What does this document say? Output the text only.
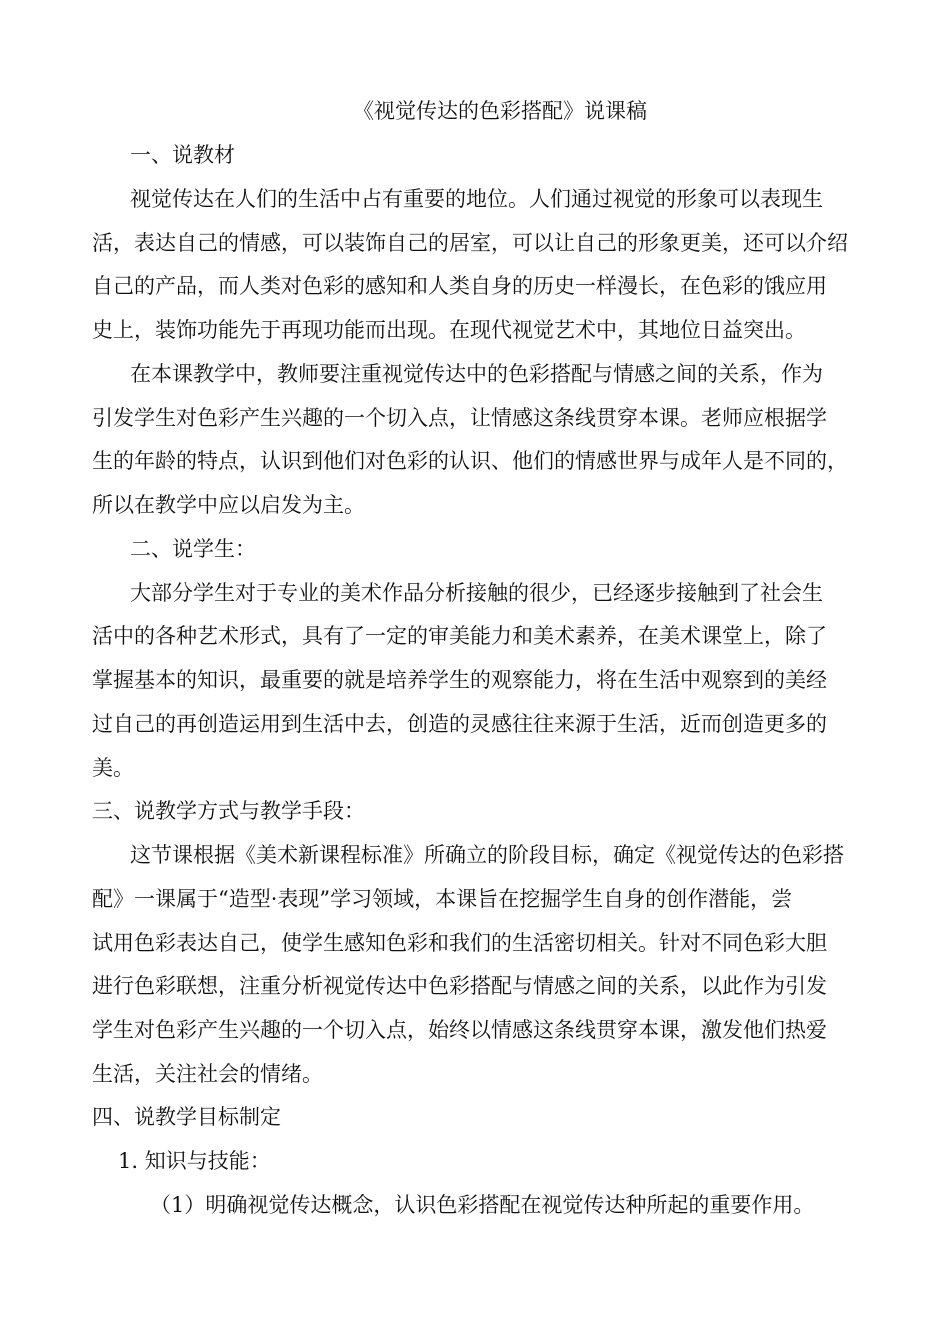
《视觉传达的色彩搭配》说课稿
一、说教材
视觉传达在人们的生活中占有重要的地位。人们通过视觉的形象可以表现生
活，表达自己的情感，可以装饰自己的居室，可以让自己的形象更美，还可以介绍
自己的产品，而人类对色彩的感知和人类自身的历史一样漫长，在色彩的饿应用
史上，装饰功能先于再现功能而出现。在现代视觉艺术中，其地位日益突出。
在本课教学中，教师要注重视觉传达中的色彩搭配与情感之间的关系，作为
引发学生对色彩产生兴趣的一个切入点，让情感这条线贯穿本课。老师应根据学
生的年龄的特点，认识到他们对色彩的认识、他们的情感世界与成年人是不同的，
所以在教学中应以启发为主。
二、说学生：
大部分学生对于专业的美术作品分析接触的很少，已经逐步接触到了社会生
活中的各种艺术形式，具有了一定的审美能力和美术素养，在美术课堂上，除了
掌握基本的知识，最重要的就是培养学生的观察能力，将在生活中观察到的美经
过自己的再创造运用到生活中去，创造的灵感往往来源于生活，近而创造更多的
美。
三、说教学方式与教学手段：
这节课根据《美术新课程标准》所确立的阶段目标，确定《视觉传达的色彩搭
配》一课属于“造型·表现”学习领域，本课旨在挖掘学生自身的创作潜能，尝
试用色彩表达自己，使学生感知色彩和我们的生活密切相关。针对不同色彩大胆
进行色彩联想，注重分析视觉传达中色彩搭配与情感之间的关系，以此作为引发
学生对色彩产生兴趣的一个切入点，始终以情感这条线贯穿本课，激发他们热爱
生活，关注社会的情绪。
四、说教学目标制定
1. 知识与技能：
（1）明确视觉传达概念，认识色彩搭配在视觉传达种所起的重要作用。
